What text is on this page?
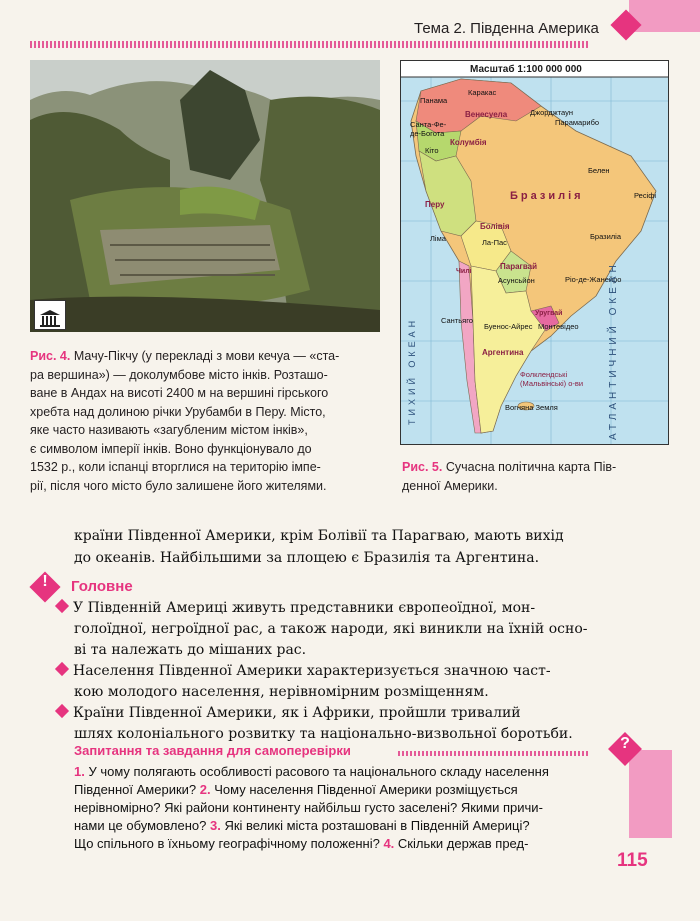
Тема 2. Південна Америка
Рис. 4. Мачу-Пікчу (у перекладі з мови кечуа — «ста-
ра вершина») — доколумбове місто інків. Розташо-
ване в Андах на висоті 2400 м на вершині гірського
хребта над долиною річки Урубамби в Перу. Місто,
яке часто називають «загубленим містом інків»,
є символом імперії інків. Воно функціонувало до
1532 р., коли іспанці вторглися на територію імпе-
рії, після чого місто було залишене його жителями.
Масштаб 1:100 000 000
Панама
Каракас
Джорджтаун
Парамарибо
Санта-Фе-де-Богота
Кіто
Белен
Ресіфі
Ліма	Ла-Пас
Бразиліа
Асунсьйон	Ріо-де-Жанейро
Сантьяго
Буенос-Айрес Монтевідео
Венесуела
Колумбія
Бразилія
Перу
Болівія
Парагвай
Уругвай
Чилі
Аргентина
Фолклендські (Мальвінські) о-ви
Вогняна Земля	АТЛАНТИЧНИЙ ОКЕАН
ТИХИЙ ОКЕАН
Рис. 5. Сучасна політична карта Пів-
денної Америки.
країни Південної Америки, крім Болівії та Парагваю, мають вихід
до океанів. Найбільшими за площею є Бразилія та Аргентина.
!	Головне
У Південній Америці живуть представники європеоїдної, мон-
голоїдної, негроїдної рас, а також народи, які виникли на їхній осно-
ві та належать до мішаних рас.
Населення Південної Америки характеризується значною част-
кою молодого населення, нерівномірним розміщенням.
Країни Південної Америки, як і Африки, пройшли тривалий
шлях колоніального розвитку та національно-визвольної боротьби.
Запитання та завдання для самоперевірки	?
1. У чому полягають особливості расового та національного складу населення
Південної Америки? 2. Чому населення Південної Америки розміщується
нерівномірно? Які райони континенту найбільш густо заселені? Якими причи-
нами це обумовлено? 3. Які великі міста розташовані в Південній Америці?
Що спільного в їхньому географічному положенні? 4. Скільки держав пред-
115
